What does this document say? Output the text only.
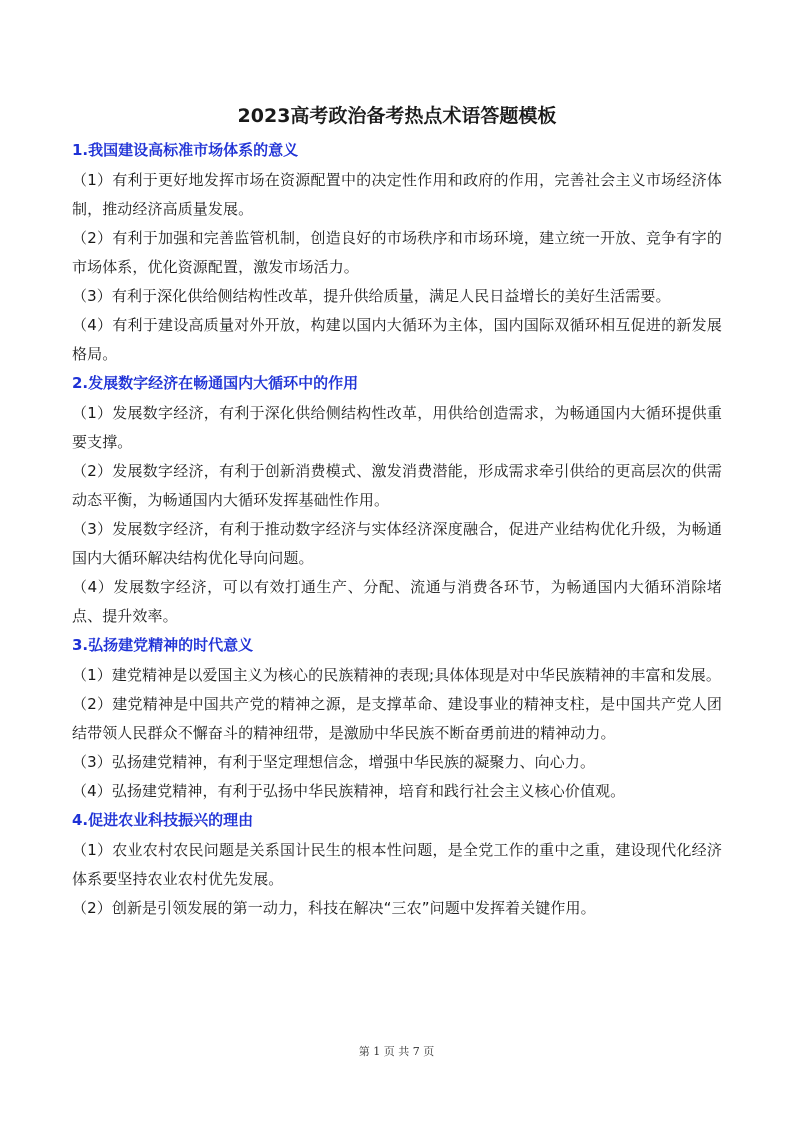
2023高考政治备考热点术语答题模板
1.我国建设高标准市场体系的意义

（1）有利于更好地发挥市场在资源配置中的决定性作用和政府的作用，完善社会主义市场经济体制，推动经济高质量发展。

（2）有利于加强和完善监管机制，创造良好的市场秩序和市场环境，建立统一开放、竞争有字的市场体系，优化资源配置，激发市场活力。

（3）有利于深化供给侧结构性改革，提升供给质量，满足人民日益增长的美好生活需要。

（4）有利于建设高质量对外开放，构建以国内大循环为主体，国内国际双循环相互促进的新发展格局。

2.发展数字经济在畅通国内大循环中的作用

（1）发展数字经济，有利于深化供给侧结构性改革，用供给创造需求，为畅通国内大循环提供重要支撑。

（2）发展数字经济，有利于创新消费模式、激发消费潜能，形成需求牵引供给的更高层次的供需动态平衡，为畅通国内大循环发挥基础性作用。

（3）发展数字经济，有利于推动数字经济与实体经济深度融合，促进产业结构优化升级，为畅通国内大循环解决结构优化导向问题。

（4）发展数字经济，可以有效打通生产、分配、流通与消费各环节，为畅通国内大循环消除堵点、提升效率。

3.弘扬建党精神的时代意义

（1）建党精神是以爱国主义为核心的民族精神的表现;具体体现是对中华民族精神的丰富和发展。

（2）建党精神是中国共产党的精神之源，是支撑革命、建设事业的精神支柱，是中国共产党人团结带领人民群众不懈奋斗的精神纽带，是激励中华民族不断奋勇前进的精神动力。

（3）弘扬建党精神，有利于坚定理想信念，增强中华民族的凝聚力、向心力。

（4）弘扬建党精神，有利于弘扬中华民族精神，培育和践行社会主义核心价值观。

4.促进农业科技振兴的理由

（1）农业农村农民问题是关系国计民生的根本性问题，是全党工作的重中之重，建设现代化经济体系要坚持农业农村优先发展。

（2）创新是引领发展的第一动力，科技在解决“三农”问题中发挥着关键作用。

第 1 页 共 7 页
